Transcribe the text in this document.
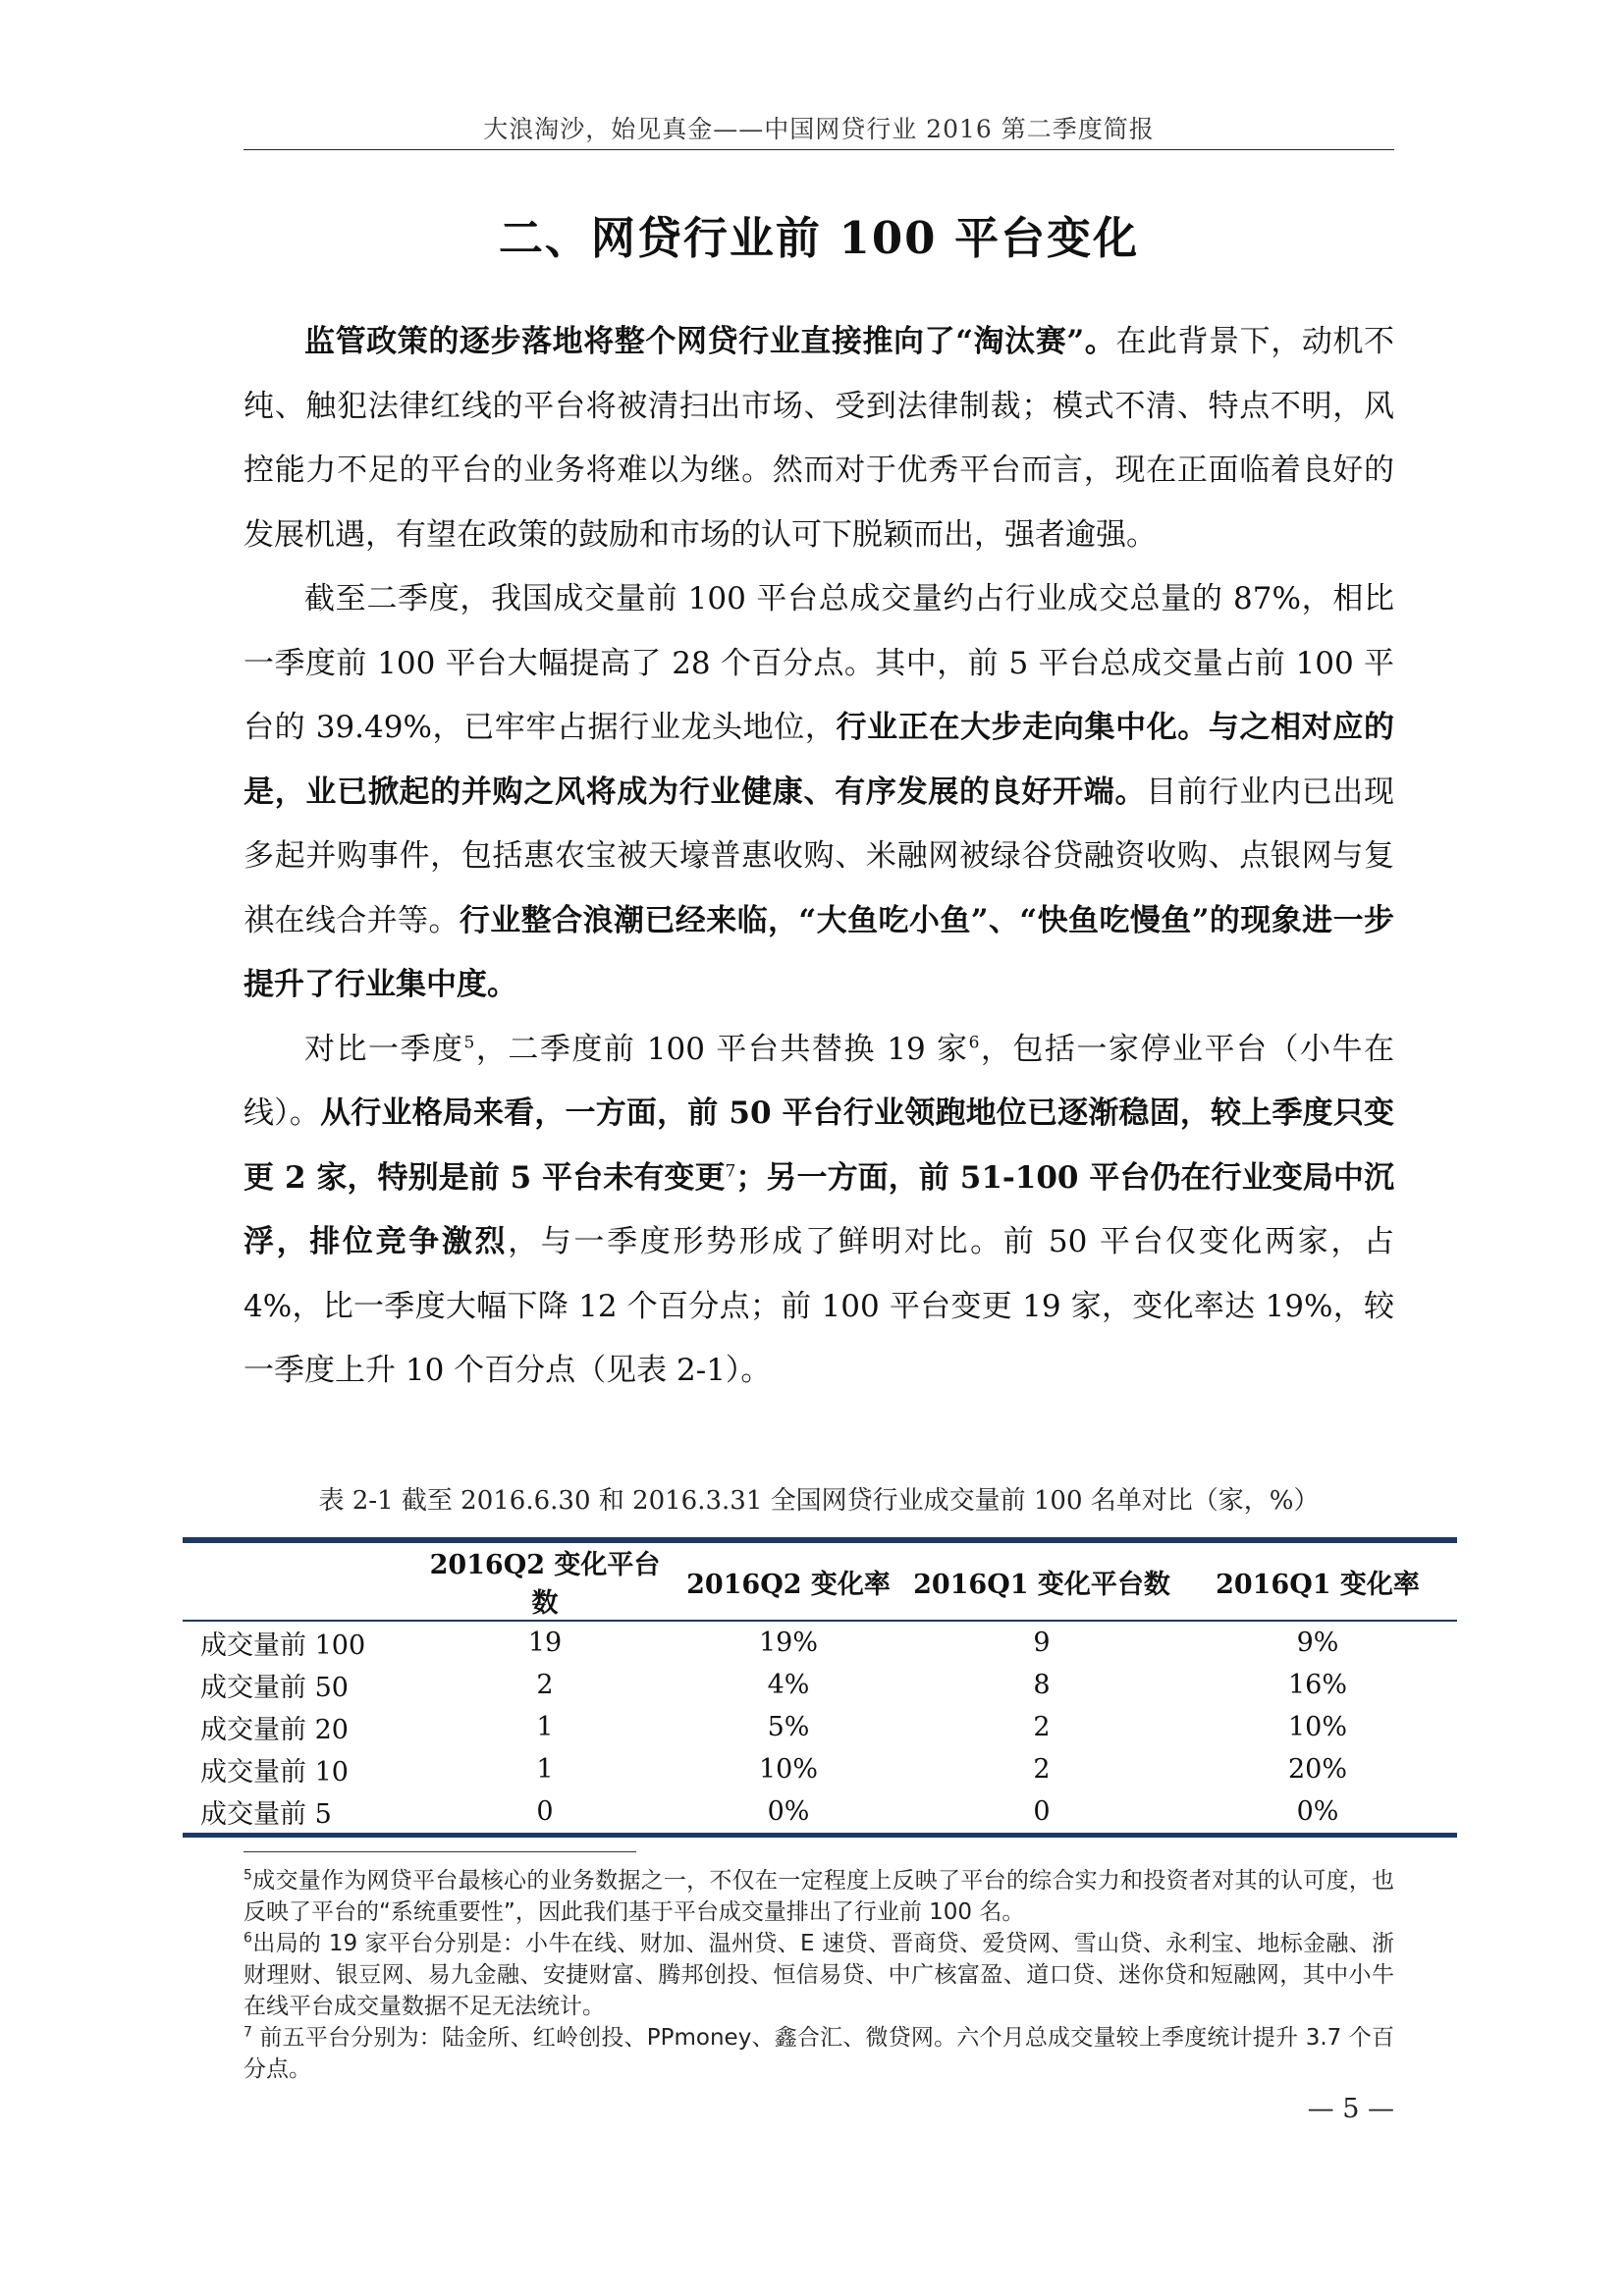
大浪淘沙，始见真金——中国网贷行业 2016 第二季度简报
二、网贷行业前 100 平台变化

监管政策的逐步落地将整个网贷行业直接推向了“淘汰赛”。在此背景下，动机不纯、触犯法律红线的平台将被清扫出市场、受到法律制裁；模式不清、特点不明，风控能力不足的平台的业务将难以为继。然而对于优秀平台而言，现在正面临着良好的发展机遇，有望在政策的鼓励和市场的认可下脱颖而出，强者逾强。

截至二季度，我国成交量前 100 平台总成交量约占行业成交总量的 87%，相比一季度前 100 平台大幅提高了 28 个百分点。其中，前 5 平台总成交量占前 100 平台的 39.49%，已牢牢占据行业龙头地位，行业正在大步走向集中化。与之相对应的是，业已掀起的并购之风将成为行业健康、有序发展的良好开端。目前行业内已出现多起并购事件，包括惠农宝被天壕普惠收购、米融网被绿谷贷融资收购、点银网与复祺在线合并等。行业整合浪潮已经来临，“大鱼吃小鱼”、“快鱼吃慢鱼”的现象进一步提升了行业集中度。

对比一季度$^5$，二季度前 100 平台共替换 19 家$^6$，包括一家停业平台（小牛在线）。从行业格局来看，一方面，前 50 平台行业领跑地位已逐渐稳固，较上季度只变更 2 家，特别是前 5 平台未有变更$^7$；另一方面，前 51-100 平台仍在行业变局中沉浮，排位竞争激烈，与一季度形势形成了鲜明对比。前 50 平台仅变化两家，占 4%，比一季度大幅下降 12 个百分点；前 100 平台变更 19 家，变化率达 19%，较一季度上升 10 个百分点（见表 2-1）。

表 2-1 截至 2016.6.30 和 2016.3.31 全国网贷行业成交量前 100 名单对比（家，%）
	2016Q2 变化平台数	2016Q2 变化率	2016Q1 变化平台数	2016Q1 变化率
成交量前 100	19	19%	9	9%
成交量前 50	2	4%	8	16%
成交量前 20	1	5%	2	10%
成交量前 10	1	10%	2	20%
成交量前 5	0	0%	0	0%

$^5$成交量作为网贷平台最核心的业务数据之一，不仅在一定程度上反映了平台的综合实力和投资者对其的认可度，也反映了平台的“系统重要性”，因此我们基于平台成交量排出了行业前 100 名。

$^6$出局的 19 家平台分别是：小牛在线、财加、温州贷、E 速贷、晋商贷、爱贷网、雪山贷、永利宝、地标金融、浙财理财、银豆网、易九金融、安捷财富、腾邦创投、恒信易贷、中广核富盈、道口贷、迷你贷和短融网，其中小牛在线平台成交量数据不足无法统计。

$^7$ 前五平台分别为：陆金所、红岭创投、PPmoney、鑫合汇、微贷网。六个月总成交量较上季度统计提升 3.7 个百分点。

— 5 —
